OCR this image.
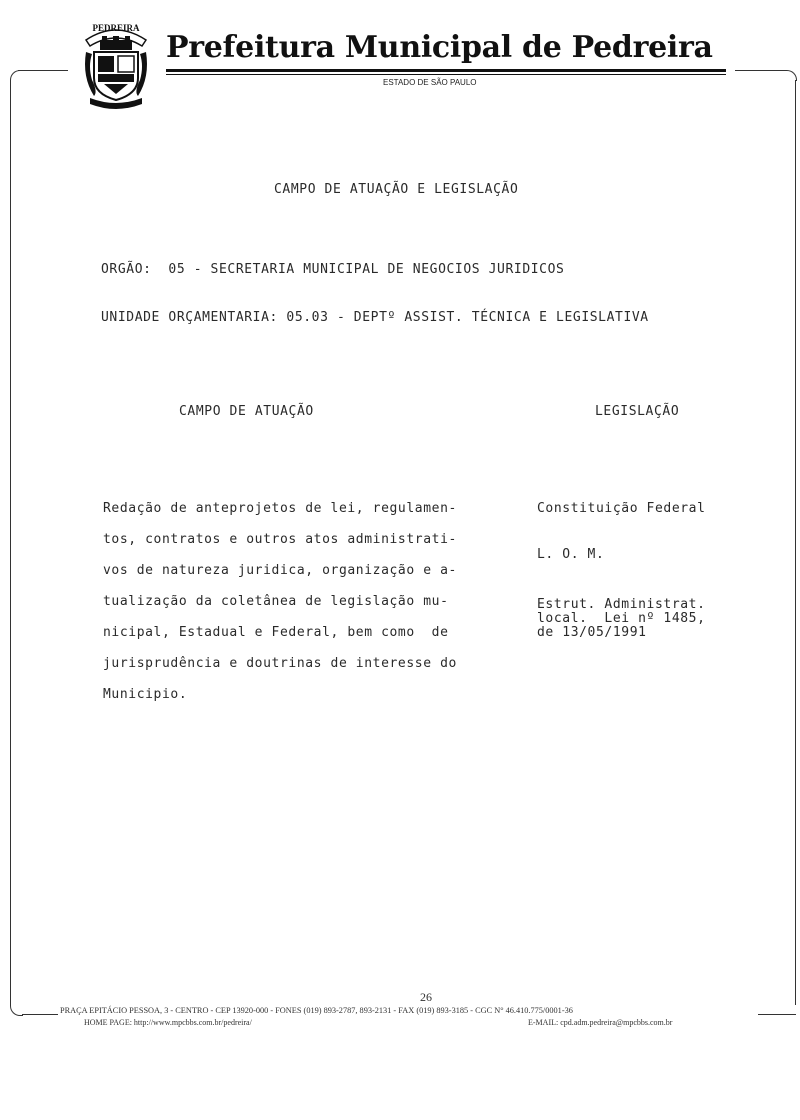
PEDREIRA
Prefeitura Municipal de Pedreira
ESTADO DE SÃO PAULO
CAMPO DE ATUAÇÃO E LEGISLAÇÃO
ORGÃO:  05 - SECRETARIA MUNICIPAL DE NEGOCIOS JURIDICOS
UNIDADE ORÇAMENTARIA: 05.03 - DEPTº ASSIST. TÉCNICA E LEGISLATIVA
CAMPO DE ATUAÇÃO	LEGISLAÇÃO
Redação de anteprojetos de lei, regulamen-
tos, contratos e outros atos administrati-
vos de natureza juridica, organização e a-
tualização da coletânea de legislação mu-
nicipal, Estadual e Federal, bem como  de
jurisprudência e doutrinas de interesse do
Municipio.
Constituição Federal
L. O. M.
Estrut. Administrat.
local.  Lei nº 1485,
de 13/05/1991
26
PRAÇA EPITÁCIO PESSOA, 3 - CENTRO - CEP 13920-000 - FONES (019) 893-2787, 893-2131 - FAX (019) 893-3185 - CGC N° 46.410.775/0001-36
HOME PAGE: http://www.mpcbbs.com.br/pedreira/	E-MAIL: cpd.adm.pedreira@mpcbbs.com.br
